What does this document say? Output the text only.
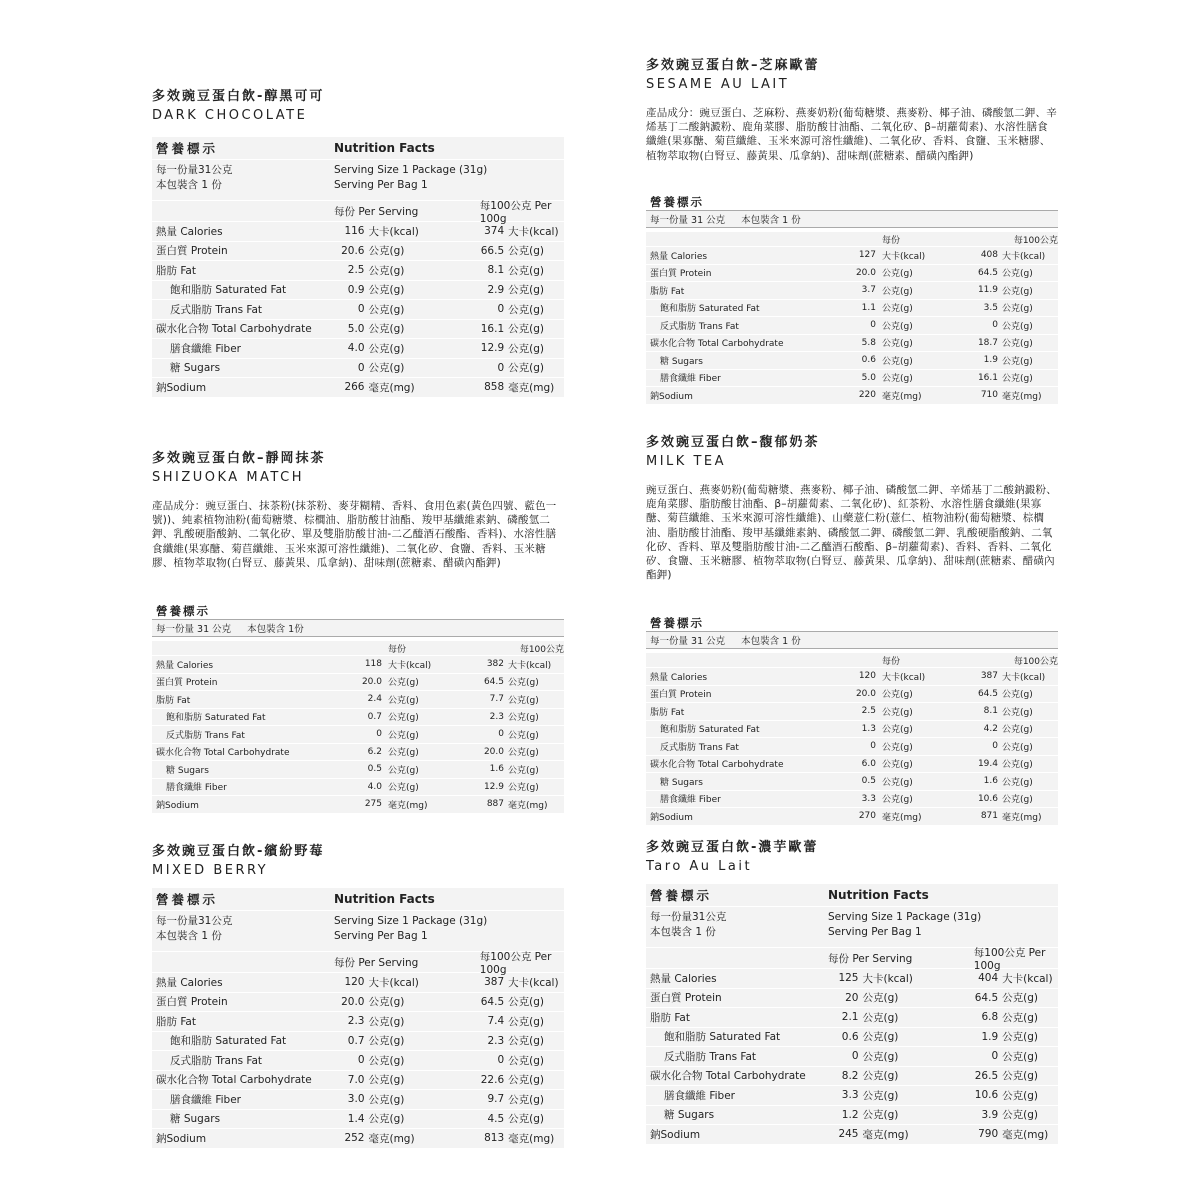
多效豌豆蛋白飲-醇黑可可
DARK CHOCOLATE
營養標示	Nutrition Facts
每一份量31公克
本包裝含 1 份
Serving Size 1 Package (31g)
Serving Per Bag 1
每份 Per Serving	每100公克 Per 100g
熱量 Calories	116 大卡(kcal)	374 大卡(kcal)
蛋白質 Protein	20.6 公克(g)	66.5 公克(g)
脂肪 Fat	2.5 公克(g)	8.1 公克(g)
飽和脂肪 Saturated Fat	0.9 公克(g)	2.9 公克(g)
反式脂肪 Trans Fat	0 公克(g)	0 公克(g)
碳水化合物 Total Carbohydrate	5.0 公克(g)	16.1 公克(g)
膳食纖維 Fiber	4.0 公克(g)	12.9 公克(g)
糖 Sugars	0 公克(g)	0 公克(g)
鈉Sodium	266 毫克(mg)	858 毫克(mg)
多效豌豆蛋白飲–芝麻歐蕾
SESAME AU LAIT
產品成分：豌豆蛋白、芝麻粉、燕麥奶粉(葡萄糖漿、燕麥粉、椰子油、磷酸氫二鉀、辛烯基丁二酸鈉澱粉、鹿角菜膠、脂肪酸甘油酯、二氧化矽、β–胡蘿蔔素)、水溶性膳食纖維(果寡醣、菊苣纖維、玉米來源可溶性纖維)、二氧化矽、香料、食鹽、玉米糖膠、植物萃取物(白腎豆、藤黃果、瓜拿納)、甜味劑(蔗糖素、醋磺內酯鉀)
營養標示
每一份量 31 公克 本包裝含 1 份
每份	每100公克
熱量 Calories	127 大卡(kcal)	408 大卡(kcal)
蛋白質 Protein	20.0 公克(g)	64.5 公克(g)
脂肪 Fat	3.7 公克(g)	11.9 公克(g)
飽和脂肪 Saturated Fat	1.1 公克(g)	3.5 公克(g)
反式脂肪 Trans Fat	0 公克(g)	0 公克(g)
碳水化合物 Total Carbohydrate	5.8 公克(g)	18.7 公克(g)
糖 Sugars	0.6 公克(g)	1.9 公克(g)
膳食纖維 Fiber	5.0 公克(g)	16.1 公克(g)
鈉Sodium	220 毫克(mg)	710 毫克(mg)
多效豌豆蛋白飲–靜岡抹茶
SHIZUOKA MATCH
產品成分：豌豆蛋白、抹茶粉(抹茶粉、麥芽糊精、香料、食用色素(黃色四號、藍色一號))、純素植物油粉(葡萄糖漿、棕櫚油、脂肪酸甘油酯、羧甲基纖維素鈉、磷酸氫二鉀、乳酸硬脂酸鈉、二氧化矽、單及雙脂肪酸甘油-二乙醯酒石酸酯、香料)、水溶性膳食纖維(果寡醣、菊苣纖維、玉米來源可溶性纖維)、二氧化矽、食鹽、香料、玉米糖膠、植物萃取物(白腎豆、藤黃果、瓜拿納)、甜味劑(蔗糖素、醋磺內酯鉀)
營養標示
每一份量 31 公克 本包裝含 1份
每份	每100公克
熱量 Calories	118 大卡(kcal)	382 大卡(kcal)
蛋白質 Protein	20.0 公克(g)	64.5 公克(g)
脂肪 Fat	2.4 公克(g)	7.7 公克(g)
飽和脂肪 Saturated Fat	0.7 公克(g)	2.3 公克(g)
反式脂肪 Trans Fat	0 公克(g)	0 公克(g)
碳水化合物 Total Carbohydrate	6.2 公克(g)	20.0 公克(g)
糖 Sugars	0.5 公克(g)	1.6 公克(g)
膳食纖維 Fiber	4.0 公克(g)	12.9 公克(g)
鈉Sodium	275 毫克(mg)	887 毫克(mg)
多效豌豆蛋白飲–馥郁奶茶
MILK TEA
豌豆蛋白、燕麥奶粉(葡萄糖漿、燕麥粉、椰子油、磷酸氫二鉀、辛烯基丁二酸鈉澱粉、鹿角菜膠、脂肪酸甘油酯、β–胡蘿蔔素、二氧化矽)、紅茶粉、水溶性膳食纖維(果寡醣、菊苣纖維、玉米來源可溶性纖維)、山藥薏仁粉(薏仁、植物油粉(葡萄糖漿、棕櫚油、脂肪酸甘油酯、羧甲基纖維素鈉、磷酸氫二鉀、磷酸氫二鉀、乳酸硬脂酸鈉、二氧化矽、香料、單及雙脂肪酸甘油-二乙醯酒石酸酯、β–胡蘿蔔素)、香料、香料、二氧化矽、食鹽、玉米糖膠、植物萃取物(白腎豆、藤黃果、瓜拿納)、甜味劑(蔗糖素、醋磺內酯鉀)
營養標示
每一份量 31 公克 本包裝含 1 份
每份	每100公克
熱量 Calories	120 大卡(kcal)	387 大卡(kcal)
蛋白質 Protein	20.0 公克(g)	64.5 公克(g)
脂肪 Fat	2.5 公克(g)	8.1 公克(g)
飽和脂肪 Saturated Fat	1.3 公克(g)	4.2 公克(g)
反式脂肪 Trans Fat	0 公克(g)	0 公克(g)
碳水化合物 Total Carbohydrate	6.0 公克(g)	19.4 公克(g)
糖 Sugars	0.5 公克(g)	1.6 公克(g)
膳食纖維 Fiber	3.3 公克(g)	10.6 公克(g)
鈉Sodium	270 毫克(mg)	871 毫克(mg)
多效豌豆蛋白飲-繽紛野莓
MIXED BERRY
營養標示	Nutrition Facts
每一份量31公克
本包裝含 1 份
Serving Size 1 Package (31g)
Serving Per Bag 1
每份 Per Serving	每100公克 Per 100g
熱量 Calories	120 大卡(kcal)	387 大卡(kcal)
蛋白質 Protein	20.0 公克(g)	64.5 公克(g)
脂肪 Fat	2.3 公克(g)	7.4 公克(g)
飽和脂肪 Saturated Fat	0.7 公克(g)	2.3 公克(g)
反式脂肪 Trans Fat	0 公克(g)	0 公克(g)
碳水化合物 Total Carbohydrate	7.0 公克(g)	22.6 公克(g)
膳食纖維 Fiber	3.0 公克(g)	9.7 公克(g)
糖 Sugars	1.4 公克(g)	4.5 公克(g)
鈉Sodium	252 毫克(mg)	813 毫克(mg)
多效豌豆蛋白飲-濃芋歐蕾
Taro Au Lait
營養標示	Nutrition Facts
每一份量31公克
本包裝含 1 份
Serving Size 1 Package (31g)
Serving Per Bag 1
每份 Per Serving	每100公克 Per 100g
熱量 Calories	125 大卡(kcal)	404 大卡(kcal)
蛋白質 Protein	20 公克(g)	64.5 公克(g)
脂肪 Fat	2.1 公克(g)	6.8 公克(g)
飽和脂肪 Saturated Fat	0.6 公克(g)	1.9 公克(g)
反式脂肪 Trans Fat	0 公克(g)	0 公克(g)
碳水化合物 Total Carbohydrate	8.2 公克(g)	26.5 公克(g)
膳食纖維 Fiber	3.3 公克(g)	10.6 公克(g)
糖 Sugars	1.2 公克(g)	3.9 公克(g)
鈉Sodium	245 毫克(mg)	790 毫克(mg)
